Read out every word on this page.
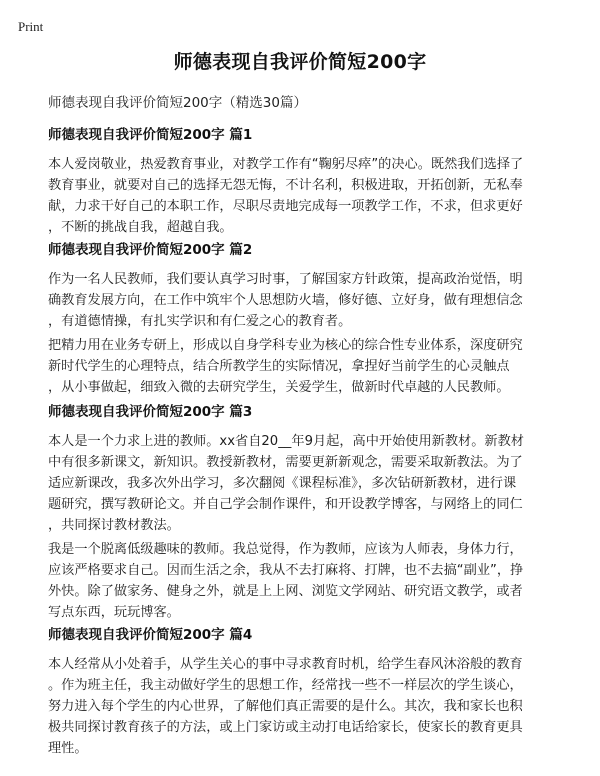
Print
师德表现自我评价简短200字
师德表现自我评价简短200字（精选30篇）
师德表现自我评价简短200字 篇1

本人爱岗敬业，热爱教育事业，对教学工作有“鞠躬尽瘁”的决心。既然我们选择了
教育事业，就要对自己的选择无怨无悔，不计名利，积极进取，开拓创新，无私奉
献，力求干好自己的本职工作，尽职尽责地完成每一项教学工作，不求，但求更好
，不断的挑战自我，超越自我。

师德表现自我评价简短200字 篇2

作为一名人民教师，我们要认真学习时事，了解国家方针政策，提高政治觉悟，明
确教育发展方向，在工作中筑牢个人思想防火墙，修好德、立好身，做有理想信念
，有道德情操，有扎实学识和有仁爱之心的教育者。

把精力用在业务专研上，形成以自身学科专业为核心的综合性专业体系，深度研究
新时代学生的心理特点，结合所教学生的实际情况，拿捏好当前学生的心灵触点
，从小事做起，细致入微的去研究学生，关爱学生，做新时代卓越的人民教师。

师德表现自我评价简短200字 篇3

本人是一个力求上进的教师。xx省自20__年9月起，高中开始使用新教材。新教材
中有很多新课文，新知识。教授新教材，需要更新新观念，需要采取新教法。为了
适应新课改，我多次外出学习，多次翻阅《课程标准》，多次钻研新教材，进行课
题研究，撰写教研论文。并自己学会制作课件，和开设教学博客，与网络上的同仁
，共同探讨教材教法。

我是一个脱离低级趣味的教师。我总觉得，作为教师，应该为人师表，身体力行，
应该严格要求自己。因而生活之余，我从不去打麻将、打牌，也不去搞“副业”，挣
外快。除了做家务、健身之外，就是上上网、浏览文学网站、研究语文教学，或者
写点东西，玩玩博客。

师德表现自我评价简短200字 篇4

本人经常从小处着手，从学生关心的事中寻求教育时机，给学生春风沐浴般的教育
。作为班主任，我主动做好学生的思想工作，经常找一些不一样层次的学生谈心，
努力进入每个学生的内心世界，了解他们真正需要的是什么。其次，我和家长也积
极共同探讨教育孩子的方法，或上门家访或主动打电话给家长，使家长的教育更具
理性。
